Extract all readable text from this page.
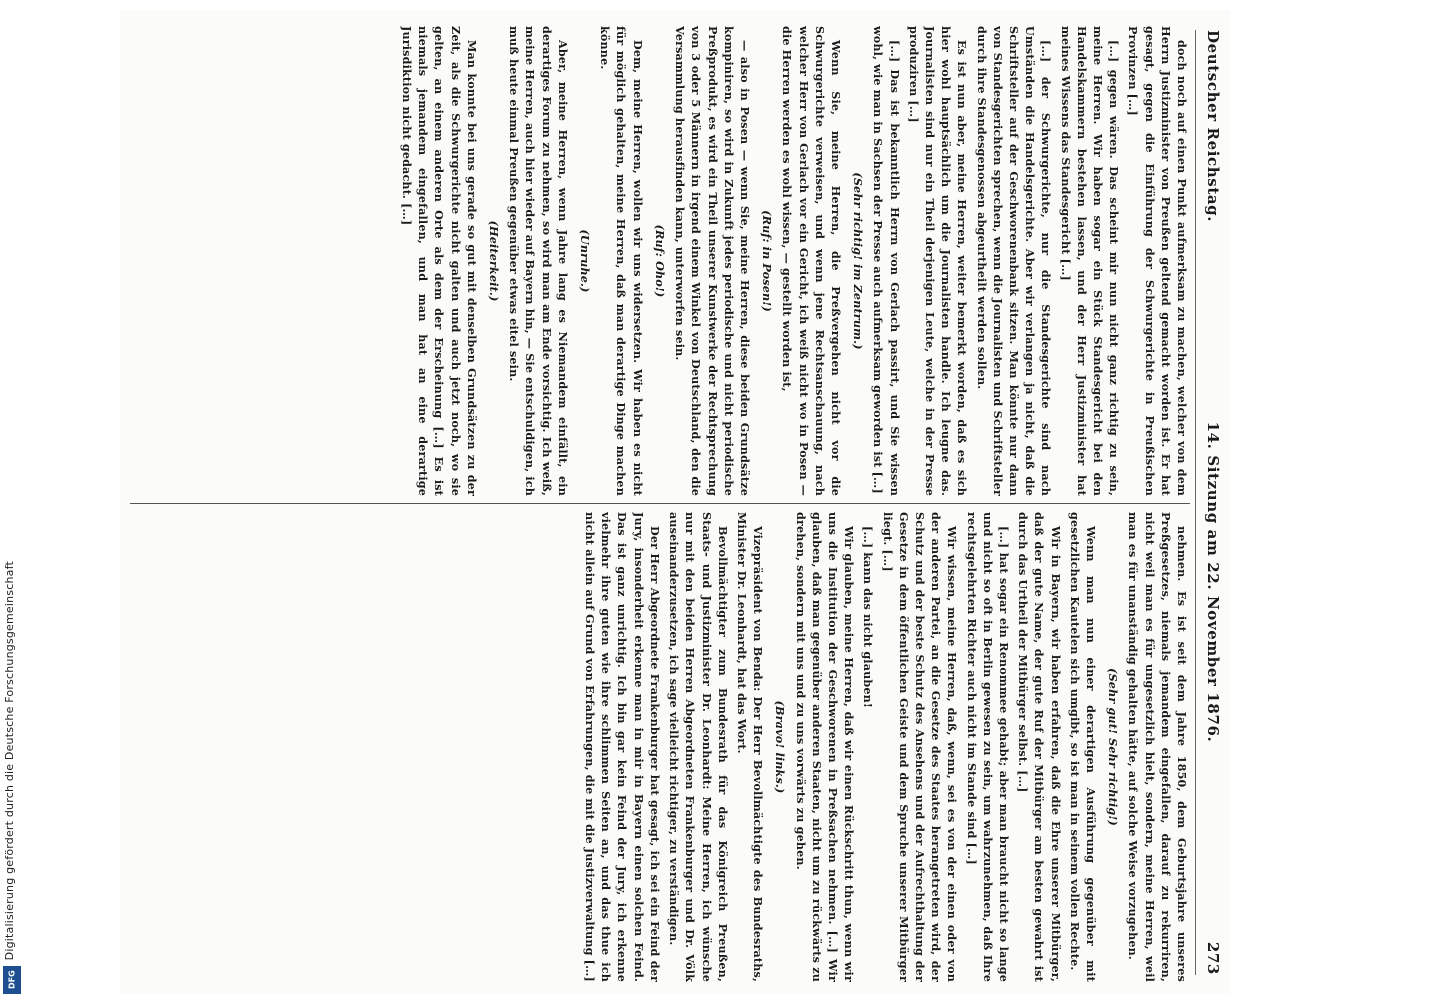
Digitalisierung gefördert durch die Deutsche Forschungsgemeinschaft
DFG
Deutscher Reichstag.
14. Sitzung am 22. November 1876.
273

doch noch auf einen Punkt aufmerksam zu machen, welcher von dem Herrn Justizminister von Preußen geltend gemacht worden ist. Er hat gesagt, gegen die Einführung der Schwurgerichte in Preußischen Provinzen […]

[…] gegen wären. Das scheint mir nun nicht ganz richtig zu sein, meine Herren. Wir haben sogar ein Stück Standesgericht bei den Handelskammern bestehen lassen, und der Herr Justizminister hat meines Wissens das Standesgericht […]

[…] der Schwurgerichte, nur die Standesgerichte sind nach Umständen die Handelsgerichte. Aber wir verlangen ja nicht, daß die Schriftsteller auf der Geschworenenbank sitzen. Man könnte nur dann von Standesgerichten sprechen, wenn die Journalisten und Schriftsteller durch ihre Standesgenossen abgeurtheilt werden sollen.

Es ist nun aber, meine Herren, weiter bemerkt worden, daß es sich hier wohl hauptsächlich um die Journalisten handle. Ich leugne das. Journalisten sind nur ein Theil derjenigen Leute, welche in der Presse produziren […]

[…] Das ist bekanntlich Herrn von Gerlach passirt, und Sie wissen wohl, wie man in Sachsen der Presse auch aufmerksam geworden ist […]

(Sehr richtig! im Zentrum.)

Wenn Sie, meine Herren, die Preßvergehen nicht vor die Schwurgerichte verweisen, und wenn jene Rechtsanschauung, nach welcher Herr von Gerlach vor ein Gericht, ich weiß nicht wo in Posen — die Herren werden es wohl wissen, — gestellt worden ist,

(Ruf: in Posen!)

— also in Posen — wenn Sie, meine Herren, diese beiden Grundsätze kompiniren, so wird in Zukunft jedes periodische und nicht periodische Preßprodukt, es wird ein Theil unserer Kunstwerke der Rechtsprechung von 3 oder 5 Männern in irgend einem Winkel von Deutschland, den die Versammlung herausfinden kann, unterworfen sein.

(Ruf: Oho!)

Dem, meine Herren, wollen wir uns widersetzen. Wir haben es nicht für möglich gehalten, meine Herren, daß man derartige Dinge machen könne.

(Unruhe.)

Aber, meine Herren, wenn Jahre lang es Niemandem einfällt, ein derartiges Forum zu nehmen, so wird man am Ende vorsichtig. Ich weiß, meine Herren, auch hier wieder auf Bayern hin, — Sie entschuldigen, ich muß heute einmal Preußen gegenüber etwas eitel sein.

(Heiterkeit.)

Man konnte bei uns gerade so gut mit denselben Grundsätzen zu der Zeit, als die Schwurgerichte nicht galten und auch jetzt noch, wo sie gelten, an einem anderen Orte als dem der Erscheinung […] Es ist niemals jemandem eingefallen, und man hat an eine derartige Jurisdiktion nicht gedacht. […]

nehmen. Es ist seit dem Jahre 1850, dem Geburtsjahre unseres Preßgesetzes, niemals jemandem eingefallen, darauf zu rekurriren, nicht weil man es für ungesetzlich hielt, sondern, meine Herren, weil man es für unanständig gehalten hätte, auf solche Weise vorzugehen.

(Sehr gut! Sehr richtig!)

Wenn man nun einer derartigen Ausführung gegenüber mit gesetzlichen Kautelen sich umgibt, so ist man in seinem vollen Rechte.

Wir in Bayern, wir haben erfahren, daß die Ehre unserer Mitbürger, daß der gute Name, der gute Ruf der Mitbürger am besten gewahrt ist durch das Urtheil der Mitbürger selbst. […]

[…] hat sogar ein Renommee gehabt; aber man braucht nicht so lange und nicht so oft in Berlin gewesen zu sein, um wahrzunehmen, daß Ihre rechtsgelehrten Richter auch nicht im Stande sind […]

Wir wissen, meine Herren, daß, wenn, sei es von der einen oder von der anderen Partei, an die Gesetze des Staates herangetreten wird, der Schutz und der beste Schutz des Ansehens und der Aufrechthaltung der Gesetze in dem öffentlichen Geiste und dem Spruche unserer Mitbürger liegt. […]

[…] kann das nicht glauben!

Wir glauben, meine Herren, daß wir einen Rückschritt thun, wenn wir uns die Institution der Geschworenen in Preßsachen nehmen. […] Wir glauben, daß man gegenüber anderen Staaten, nicht um zu rückwärts zu drehen, sondern mit uns und zu uns vorwärts zu gehen.

(Bravo! links.)

Vizepräsident von Benda: Der Herr Bevollmächtigte des Bundesraths, Minister Dr. Leonhardt, hat das Wort.

Bevollmächtigter zum Bundesrath für das Königreich Preußen, Staats- und Justizminister Dr. Leonhardt: Meine Herren, ich wünsche nur mit den beiden Herren Abgeordneten Frankenburger und Dr. Völk auseinanderzusetzen, ich sage vielleicht richtiger, zu verständigen.

Der Herr Abgeordnete Frankenburger hat gesagt, ich sei ein Feind der Jury, insonderheit erkenne man in mir in Bayern einen solchen Feind. Das ist ganz unrichtig. Ich bin gar kein Feind der Jury, ich erkenne vielmehr ihre guten wie ihre schlimmen Seiten an, und das thue ich nicht allein auf Grund von Erfahrungen, die mit die Justizverwaltung […]
